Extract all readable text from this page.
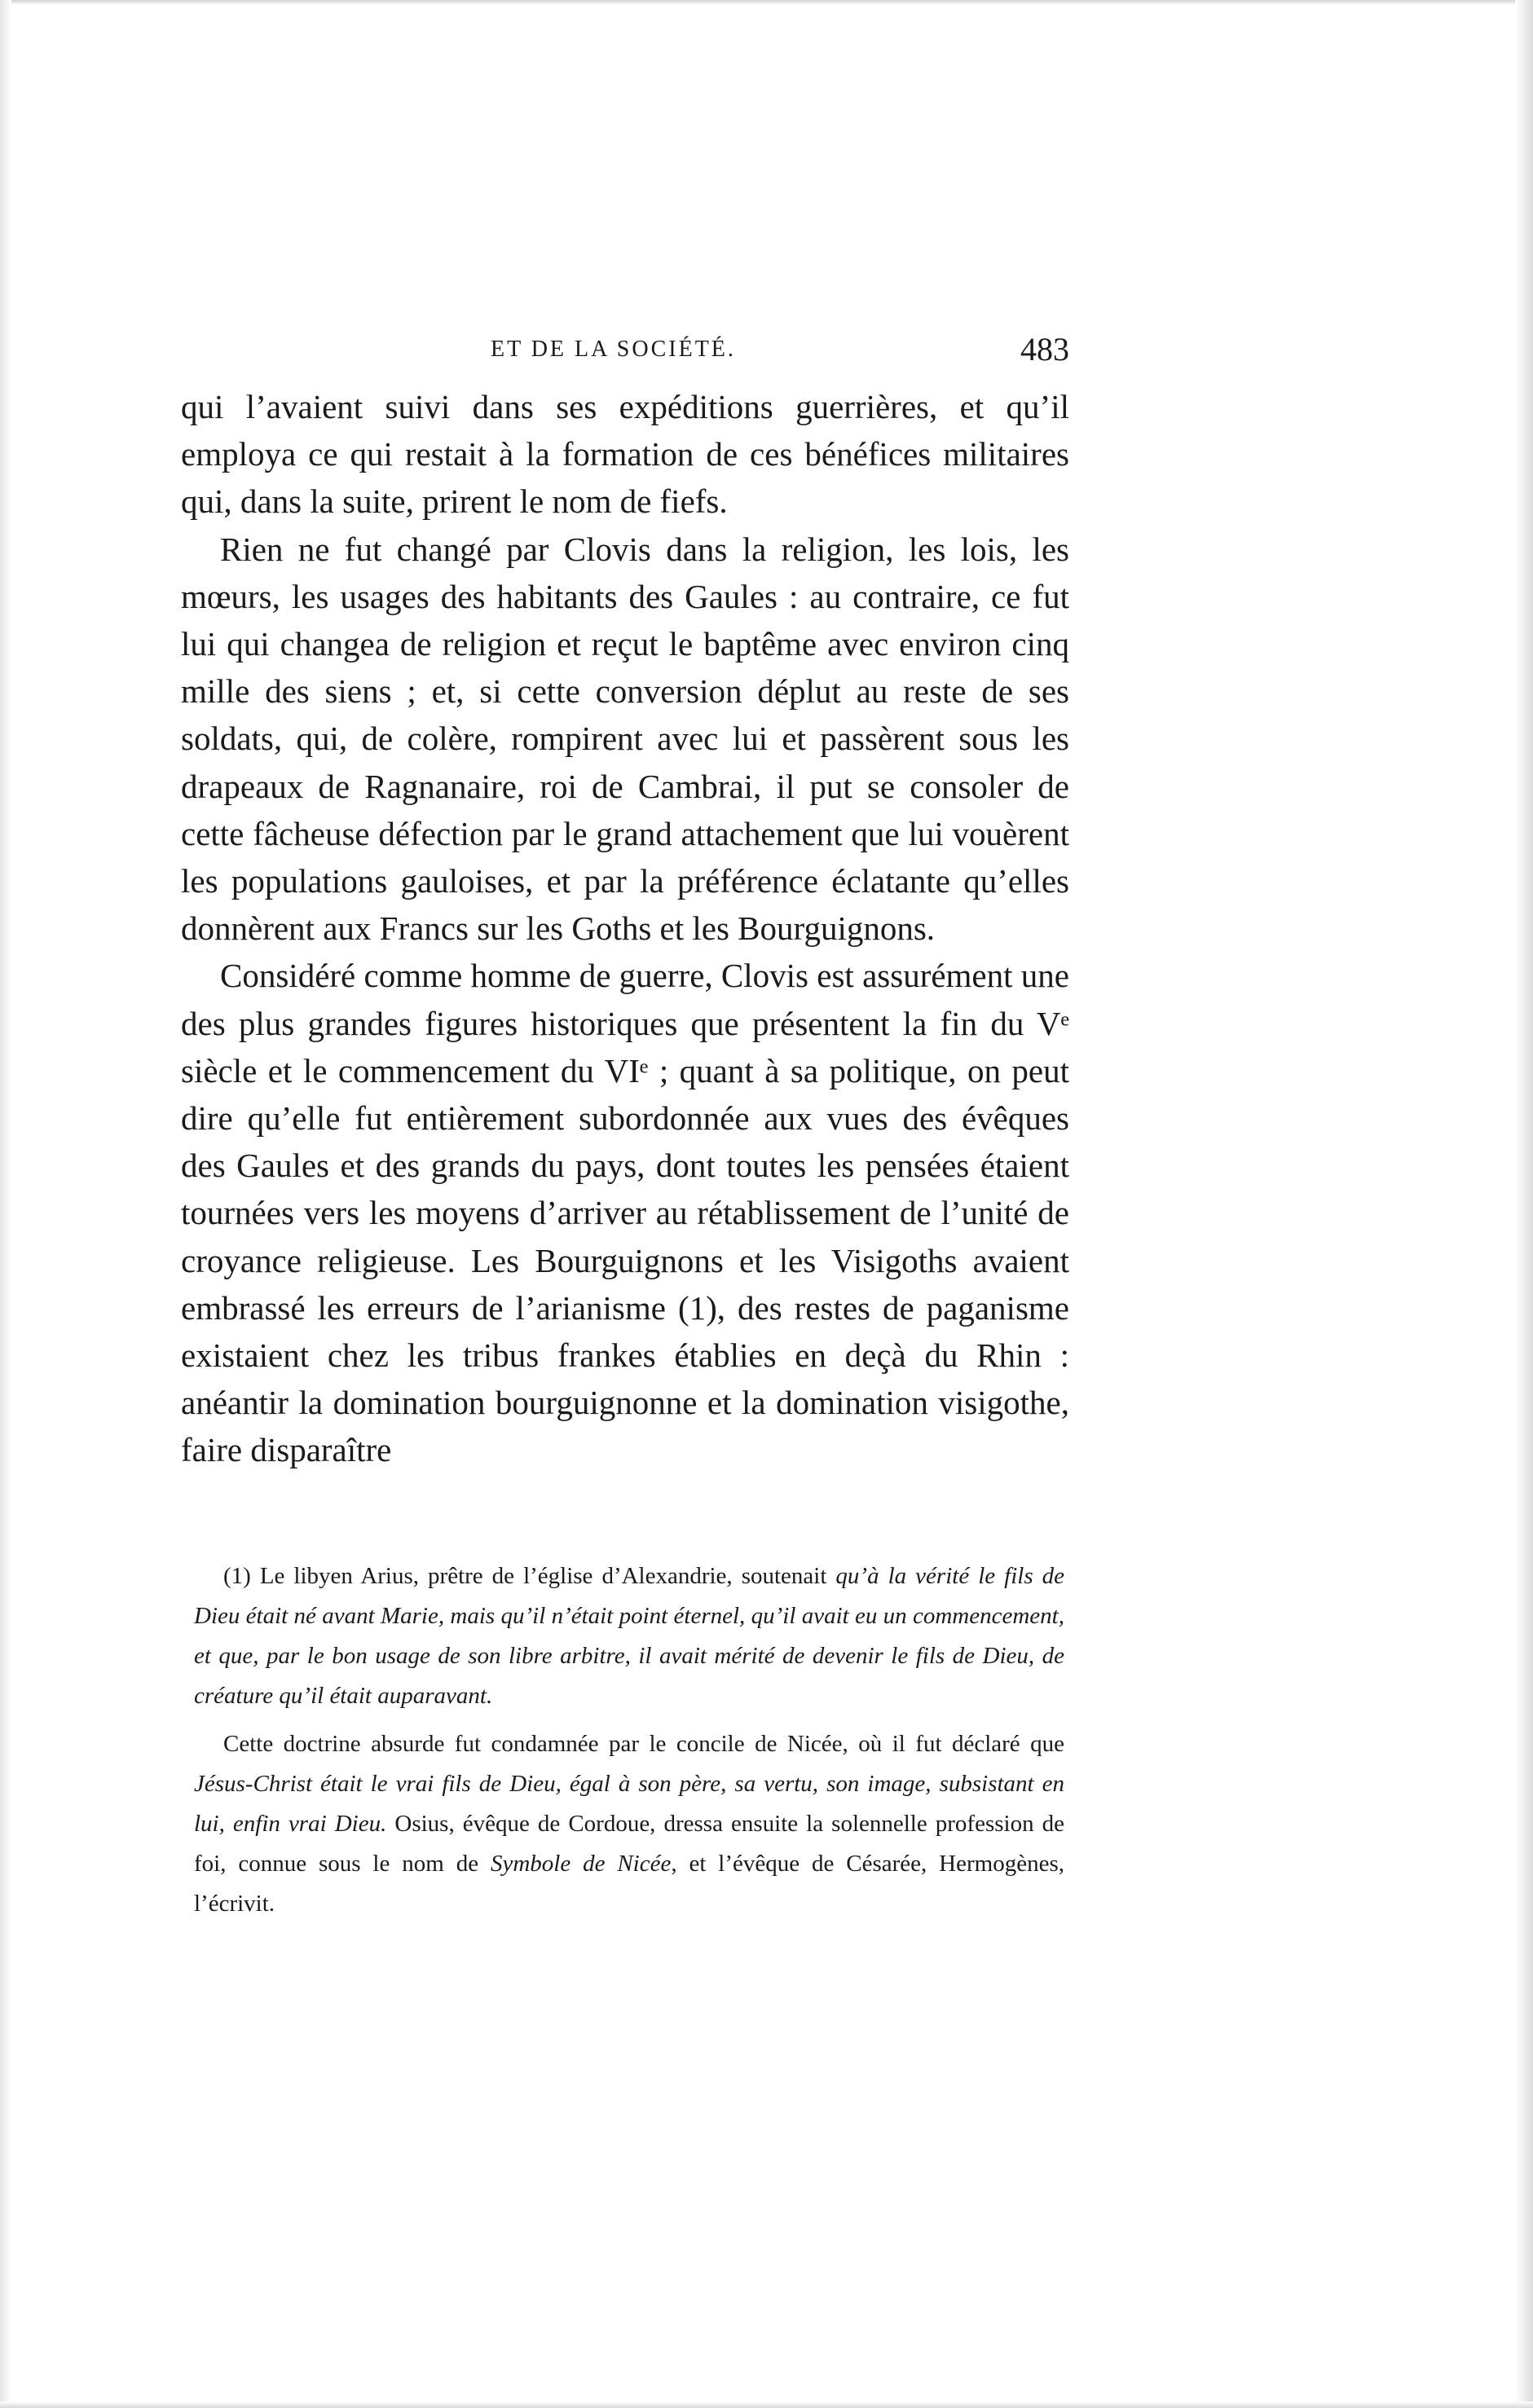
ET DE LA SOCIÉTÉ.	483

qui l’avaient suivi dans ses expéditions guerrières, et qu’il employa ce qui restait à la formation de ces bénéfices militaires qui, dans la suite, prirent le nom de fiefs.

Rien ne fut changé par Clovis dans la religion, les lois, les mœurs, les usages des habitants des Gaules : au contraire, ce fut lui qui changea de religion et reçut le baptême avec environ cinq mille des siens ; et, si cette conversion déplut au reste de ses soldats, qui, de colère, rompirent avec lui et passèrent sous les drapeaux de Ragnanaire, roi de Cambrai, il put se consoler de cette fâcheuse défection par le grand attachement que lui vouèrent les populations gauloises, et par la préférence éclatante qu’elles donnèrent aux Francs sur les Goths et les Bourguignons.

Considéré comme homme de guerre, Clovis est assurément une des plus grandes figures historiques que présentent la fin du Vᵉ siècle et le commencement du VIᵉ ; quant à sa politique, on peut dire qu’elle fut entièrement subordonnée aux vues des évêques des Gaules et des grands du pays, dont toutes les pensées étaient tournées vers les moyens d’arriver au rétablissement de l’unité de croyance religieuse. Les Bourguignons et les Visigoths avaient embrassé les erreurs de l’arianisme (1), des restes de paganisme existaient chez les tribus frankes établies en deçà du Rhin : anéantir la domination bourguignonne et la domination visigothe, faire disparaître

(1) Le libyen Arius, prêtre de l’église d’Alexandrie, soutenait qu’à la vérité le fils de Dieu était né avant Marie, mais qu’il n’était point éternel, qu’il avait eu un commencement, et que, par le bon usage de son libre arbitre, il avait mérité de devenir le fils de Dieu, de créature qu’il était auparavant.

Cette doctrine absurde fut condamnée par le concile de Nicée, où il fut déclaré que Jésus-Christ était le vrai fils de Dieu, égal à son père, sa vertu, son image, subsistant en lui, enfin vrai Dieu. Osius, évêque de Cordoue, dressa ensuite la solennelle profession de foi, connue sous le nom de Symbole de Nicée, et l’évêque de Césarée, Hermogènes, l’écrivit.
